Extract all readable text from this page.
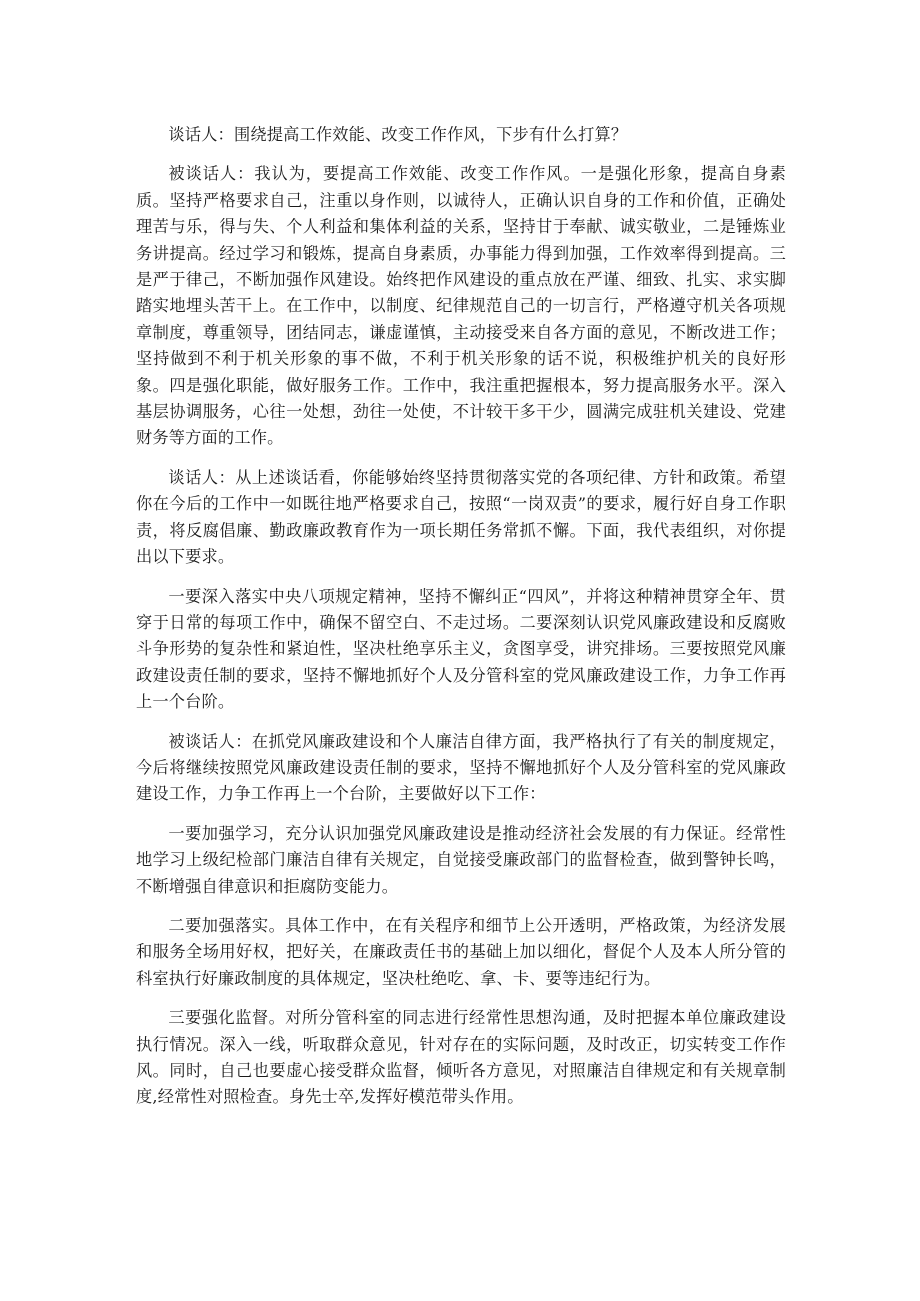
谈话人：围绕提高工作效能、改变工作作风，下步有什么打算？

被谈话人：我认为，要提高工作效能、改变工作作风。一是强化形象，提高自身素质。坚持严格要求自己，注重以身作则，以诚待人，正确认识自身的工作和价值，正确处理苦与乐，得与失、个人利益和集体利益的关系，坚持甘于奉献、诚实敬业，二是锤炼业务讲提高。经过学习和锻炼，提高自身素质，办事能力得到加强，工作效率得到提高。三是严于律己，不断加强作风建设。始终把作风建设的重点放在严谨、细致、扎实、求实脚踏实地埋头苦干上。在工作中，以制度、纪律规范自己的一切言行，严格遵守机关各项规章制度，尊重领导，团结同志，谦虚谨慎，主动接受来自各方面的意见，不断改进工作；坚持做到不利于机关形象的事不做，不利于机关形象的话不说，积极维护机关的良好形象。四是强化职能，做好服务工作。工作中，我注重把握根本，努力提高服务水平。深入基层协调服务，心往一处想，劲往一处使，不计较干多干少，圆满完成驻机关建设、党建财务等方面的工作。

谈话人：从上述谈话看，你能够始终坚持贯彻落实党的各项纪律、方针和政策。希望你在今后的工作中一如既往地严格要求自己，按照“一岗双责”的要求，履行好自身工作职责，将反腐倡廉、勤政廉政教育作为一项长期任务常抓不懈。下面，我代表组织，对你提出以下要求。

一要深入落实中央八项规定精神，坚持不懈纠正“四风”，并将这种精神贯穿全年、贯穿于日常的每项工作中，确保不留空白、不走过场。二要深刻认识党风廉政建设和反腐败斗争形势的复杂性和紧迫性，坚决杜绝享乐主义，贪图享受，讲究排场。三要按照党风廉政建设责任制的要求，坚持不懈地抓好个人及分管科室的党风廉政建设工作，力争工作再上一个台阶。

被谈话人：在抓党风廉政建设和个人廉洁自律方面，我严格执行了有关的制度规定，今后将继续按照党风廉政建设责任制的要求，坚持不懈地抓好个人及分管科室的党风廉政建设工作，力争工作再上一个台阶，主要做好以下工作：

一要加强学习，充分认识加强党风廉政建设是推动经济社会发展的有力保证。经常性地学习上级纪检部门廉洁自律有关规定，自觉接受廉政部门的监督检查，做到警钟长鸣，不断增强自律意识和拒腐防变能力。

二要加强落实。具体工作中，在有关程序和细节上公开透明，严格政策，为经济发展和服务全场用好权，把好关，在廉政责任书的基础上加以细化，督促个人及本人所分管的科室执行好廉政制度的具体规定，坚决杜绝吃、拿、卡、要等违纪行为。

三要强化监督。对所分管科室的同志进行经常性思想沟通，及时把握本单位廉政建设执行情况。深入一线，听取群众意见，针对存在的实际问题，及时改正，切实转变工作作风。同时，自己也要虚心接受群众监督，倾听各方意见，对照廉洁自律规定和有关规章制度,经常性对照检查。身先士卒,发挥好模范带头作用。
